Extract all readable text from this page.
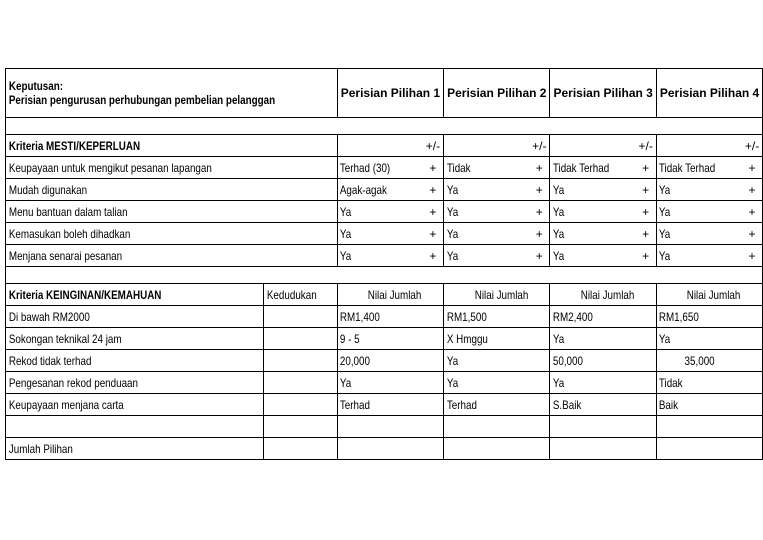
Keputusan:
Perisian pengurusan perhubungan pembelian pelanggan		Perisian Pilihan 1		Perisian Pilihan 2		Perisian Pilihan 3		Perisian Pilihan 4	

Kriteria MESTI/KEPERLUAN			+/-		+/-		+/-		+/-
Keupayaan untuk mengikut pesanan lapangan		Terhad (30)	+	Tidak	+	Tidak Terhad	+	Tidak Terhad	+
Mudah digunakan		Agak-agak	+	Ya	+	Ya	+	Ya	+
Menu bantuan dalam talian		Ya	+	Ya	+	Ya	+	Ya	+
Kemasukan boleh dihadkan		Ya	+	Ya	+	Ya	+	Ya	+
Menjana senarai pesanan		Ya	+	Ya	+	Ya	+	Ya	+

Kriteria KEINGINAN/KEMAHUAN	Kedudukan	Nilai Jumlah		Nilai Jumlah		Nilai Jumlah		Nilai Jumlah	
Di bawah RM2000		RM1,400		RM1,500		RM2,400		RM1,650	
Sokongan teknikal 24 jam		9 - 5		X Hmggu		Ya		Ya	
Rekod tidak terhad		20,000		Ya		50,000		35,000	
Pengesanan rekod penduaan		Ya		Ya		Ya		Tidak	
Keupayaan menjana carta		Terhad		Terhad		S.Baik		Baik	

Jumlah Pilihan									
